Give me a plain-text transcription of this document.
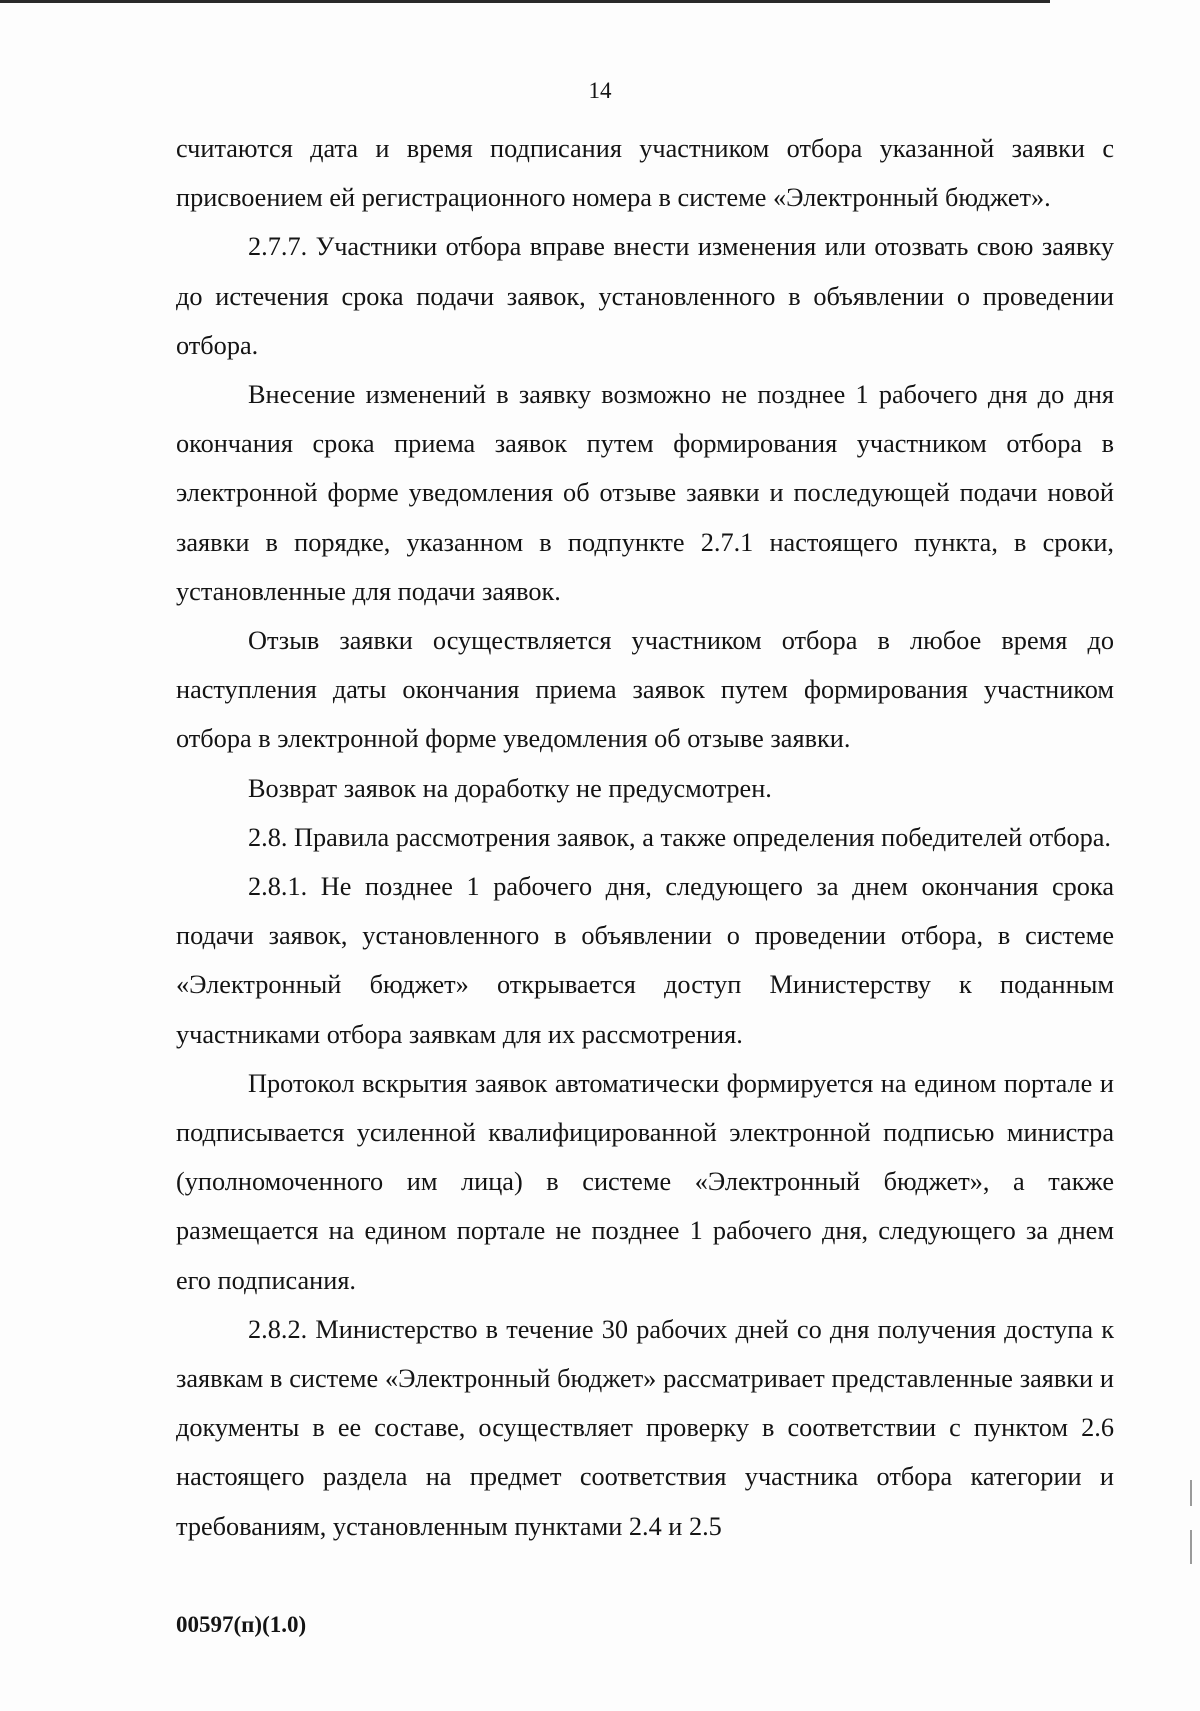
14

считаются дата и время подписания участником отбора указанной заявки с присвоением ей регистрационного номера в системе «Электронный бюджет».

2.7.7. Участники отбора вправе внести изменения или отозвать свою заявку до истечения срока подачи заявок, установленного в объявлении о проведении отбора.

Внесение изменений в заявку возможно не позднее 1 рабочего дня до дня окончания срока приема заявок путем формирования участником отбора в электронной форме уведомления об отзыве заявки и последующей подачи новой заявки в порядке, указанном в подпункте 2.7.1 настоящего пункта, в сроки, установленные для подачи заявок.

Отзыв заявки осуществляется участником отбора в любое время до наступления даты окончания приема заявок путем формирования участником отбора в электронной форме уведомления об отзыве заявки.

Возврат заявок на доработку не предусмотрен.

2.8. Правила рассмотрения заявок, а также определения победителей отбора.

2.8.1. Не позднее 1 рабочего дня, следующего за днем окончания срока подачи заявок, установленного в объявлении о проведении отбора, в системе «Электронный бюджет» открывается доступ Министерству к поданным участниками отбора заявкам для их рассмотрения.

Протокол вскрытия заявок автоматически формируется на едином портале и подписывается усиленной квалифицированной электронной подписью министра (уполномоченного им лица) в системе «Электронный бюджет», а также размещается на едином портале не позднее 1 рабочего дня, следующего за днем его подписания.

2.8.2. Министерство в течение 30 рабочих дней со дня получения доступа к заявкам в системе «Электронный бюджет» рассматривает представленные заявки и документы в ее составе, осуществляет проверку в соответствии с пунктом 2.6 настоящего раздела на предмет соответствия участника отбора категории и требованиям, установленным пунктами 2.4 и 2.5

00597(п)(1.0)
